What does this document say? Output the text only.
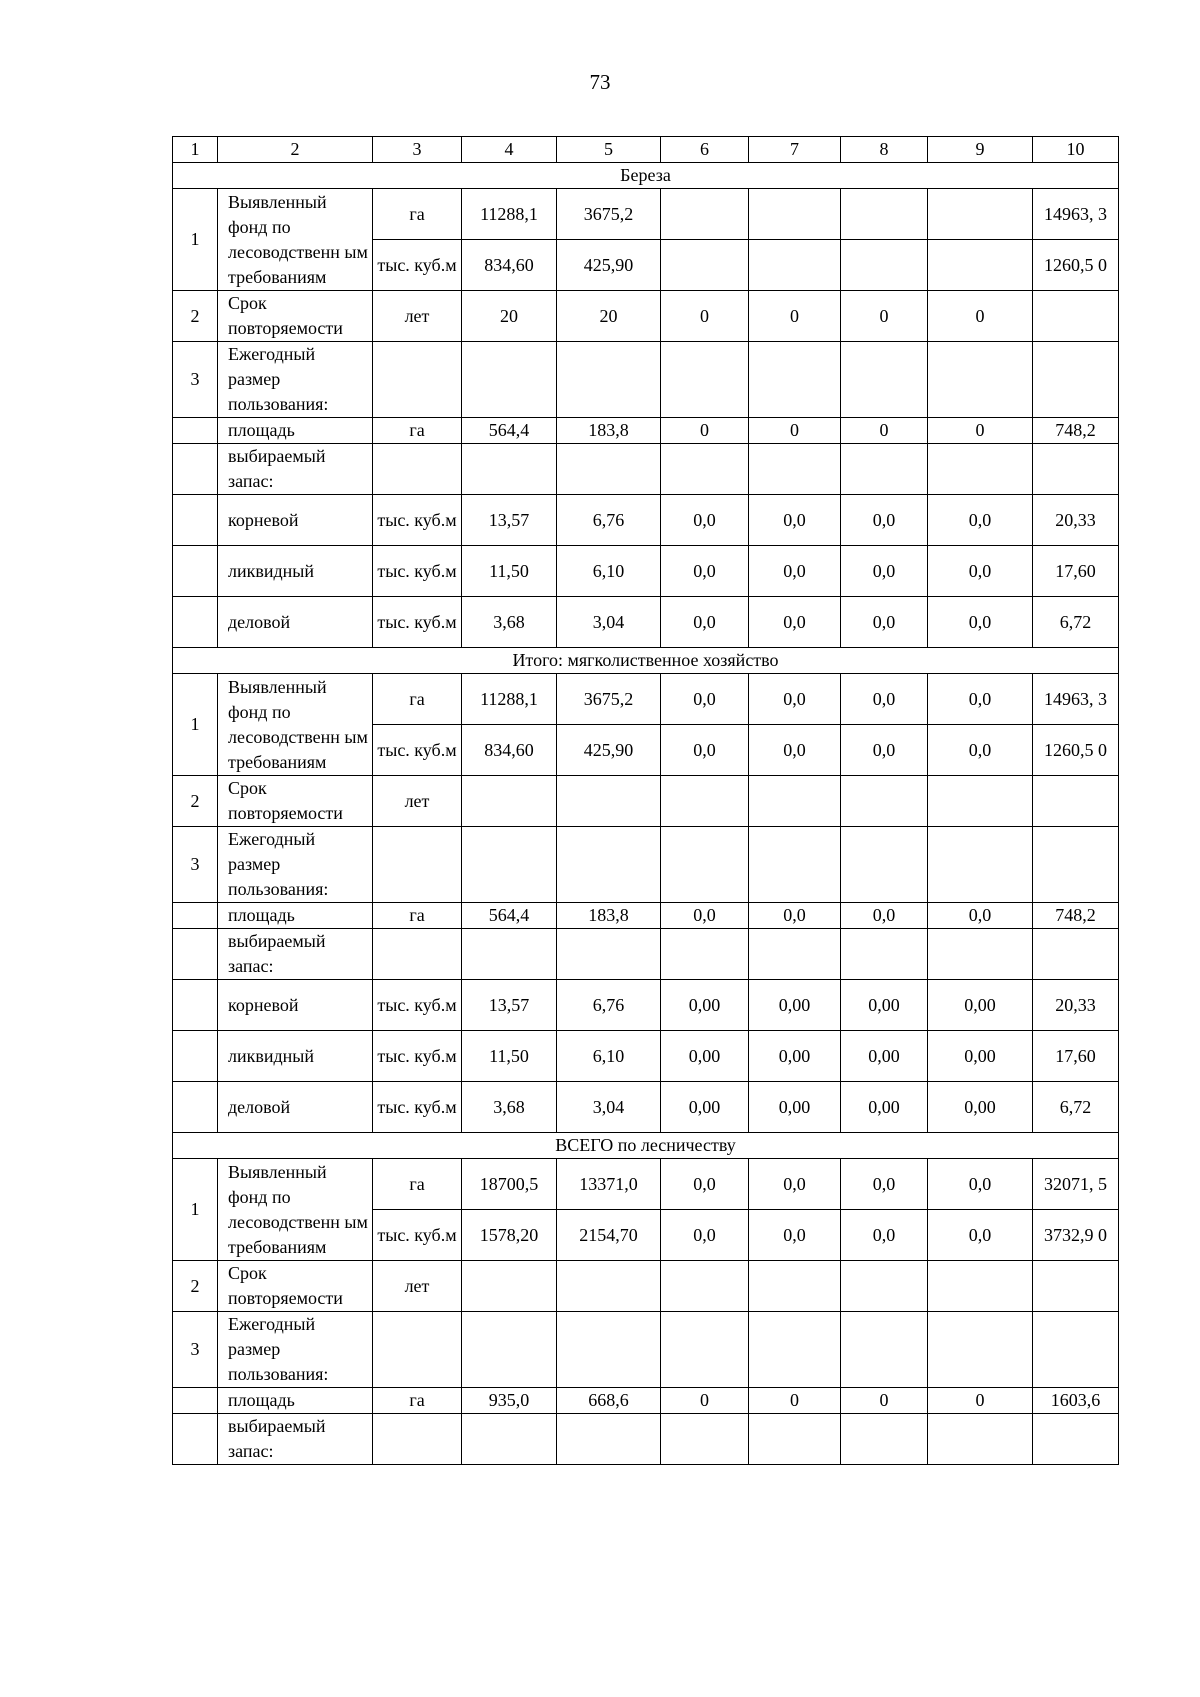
73
1	2	3	4	5	6	7	8	9	10
Береза									
1	Выявленный фонд по лесоводственн ым требованиям	га	11288,1	3675,2					14963, 3
		тыс. куб.м	834,60	425,90					1260,5 0
2	Срок повторяемости	лет	20	20	0	0	0	0	
3	Ежегодный размер пользования:								
	площадь	га	564,4	183,8	0	0	0	0	748,2
	выбираемый запас:								
	корневой	тыс. куб.м	13,57	6,76	0,0	0,0	0,0	0,0	20,33
	ликвидный	тыс. куб.м	11,50	6,10	0,0	0,0	0,0	0,0	17,60
	деловой	тыс. куб.м	3,68	3,04	0,0	0,0	0,0	0,0	6,72
Итого: мягколиственное хозяйство									
1	Выявленный фонд по лесоводственн ым требованиям	га	11288,1	3675,2	0,0	0,0	0,0	0,0	14963, 3
		тыс. куб.м	834,60	425,90	0,0	0,0	0,0	0,0	1260,5 0
2	Срок повторяемости	лет							
3	Ежегодный размер пользования:								
	площадь	га	564,4	183,8	0,0	0,0	0,0	0,0	748,2
	выбираемый запас:								
	корневой	тыс. куб.м	13,57	6,76	0,00	0,00	0,00	0,00	20,33
	ликвидный	тыс. куб.м	11,50	6,10	0,00	0,00	0,00	0,00	17,60
	деловой	тыс. куб.м	3,68	3,04	0,00	0,00	0,00	0,00	6,72
ВСЕГО по лесничеству									
1	Выявленный фонд по лесоводственн ым требованиям	га	18700,5	13371,0	0,0	0,0	0,0	0,0	32071, 5
		тыс. куб.м	1578,20	2154,70	0,0	0,0	0,0	0,0	3732,9 0
2	Срок повторяемости	лет							
3	Ежегодный размер пользования:								
	площадь	га	935,0	668,6	0	0	0	0	1603,6
	выбираемый запас:								
